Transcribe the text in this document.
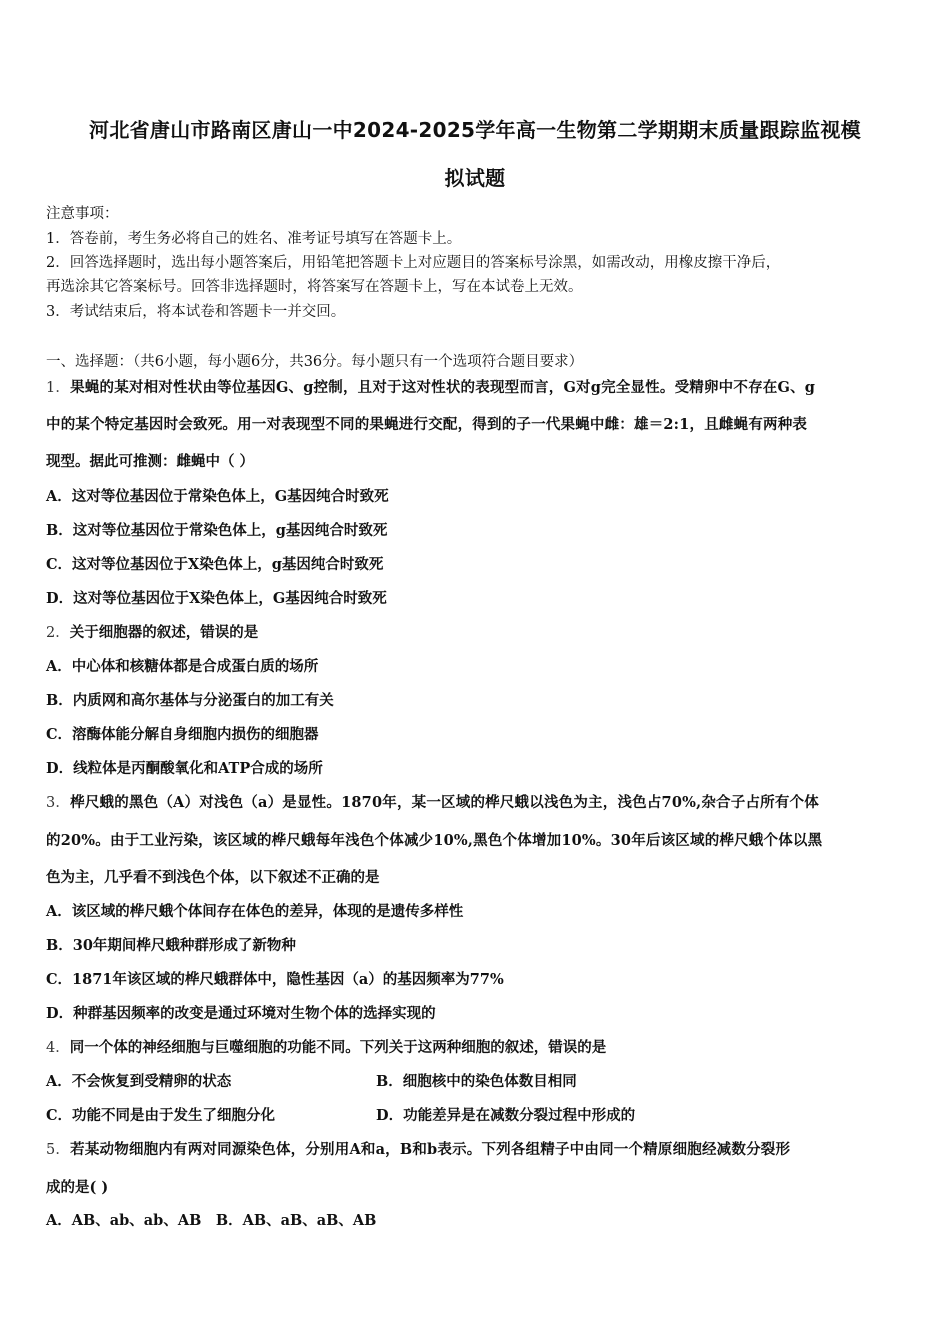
河北省唐山市路南区唐山一中2024-2025学年高一生物第二学期期末质量跟踪监视模
拟试题
注意事项：
1．答卷前，考生务必将自己的姓名、准考证号填写在答题卡上。
2．回答选择题时，选出每小题答案后，用铅笔把答题卡上对应题目的答案标号涂黑，如需改动，用橡皮擦干净后，
再选涂其它答案标号。回答非选择题时，将答案写在答题卡上，写在本试卷上无效。
3．考试结束后，将本试卷和答题卡一并交回。
一、选择题：（共6小题，每小题6分，共36分。每小题只有一个选项符合题目要求）
1．果蝇的某对相对性状由等位基因G、g控制，且对于这对性状的表现型而言，G对g完全显性。受精卵中不存在G、g
中的某个特定基因时会致死。用一对表现型不同的果蝇进行交配，得到的子一代果蝇中雌：雄＝2:1，且雌蝇有两种表
现型。据此可推测：雌蝇中（ ）
A．这对等位基因位于常染色体上，G基因纯合时致死
B．这对等位基因位于常染色体上，g基因纯合时致死
C．这对等位基因位于X染色体上，g基因纯合时致死
D．这对等位基因位于X染色体上，G基因纯合时致死
2．关于细胞器的叙述，错误的是
A．中心体和核糖体都是合成蛋白质的场所
B．内质网和高尔基体与分泌蛋白的加工有关
C．溶酶体能分解自身细胞内损伤的细胞器
D．线粒体是丙酮酸氧化和ATP合成的场所
3．桦尺蛾的黑色（A）对浅色（a）是显性。1870年，某一区域的桦尺蛾以浅色为主，浅色占70%,杂合子占所有个体
的20%。由于工业污染，该区域的桦尺蛾每年浅色个体减少10%,黑色个体增加10%。30年后该区域的桦尺蛾个体以黑
色为主，几乎看不到浅色个体，以下叙述不正确的是
A．该区域的桦尺蛾个体间存在体色的差异，体现的是遗传多样性
B．30年期间桦尺蛾种群形成了新物种
C．1871年该区域的桦尺蛾群体中，隐性基因（a）的基因频率为77%
D．种群基因频率的改变是通过环境对生物个体的选择实现的
4．同一个体的神经细胞与巨噬细胞的功能不同。下列关于这两种细胞的叙述，错误的是
A．不会恢复到受精卵的状态	B．细胞核中的染色体数目相同
C．功能不同是由于发生了细胞分化	D．功能差异是在减数分裂过程中形成的
5．若某动物细胞内有两对同源染色体，分别用A和a，B和b表示。下列各组精子中由同一个精原细胞经减数分裂形
成的是( )
A．AB、ab、ab、AB　B．AB、aB、aB、AB
